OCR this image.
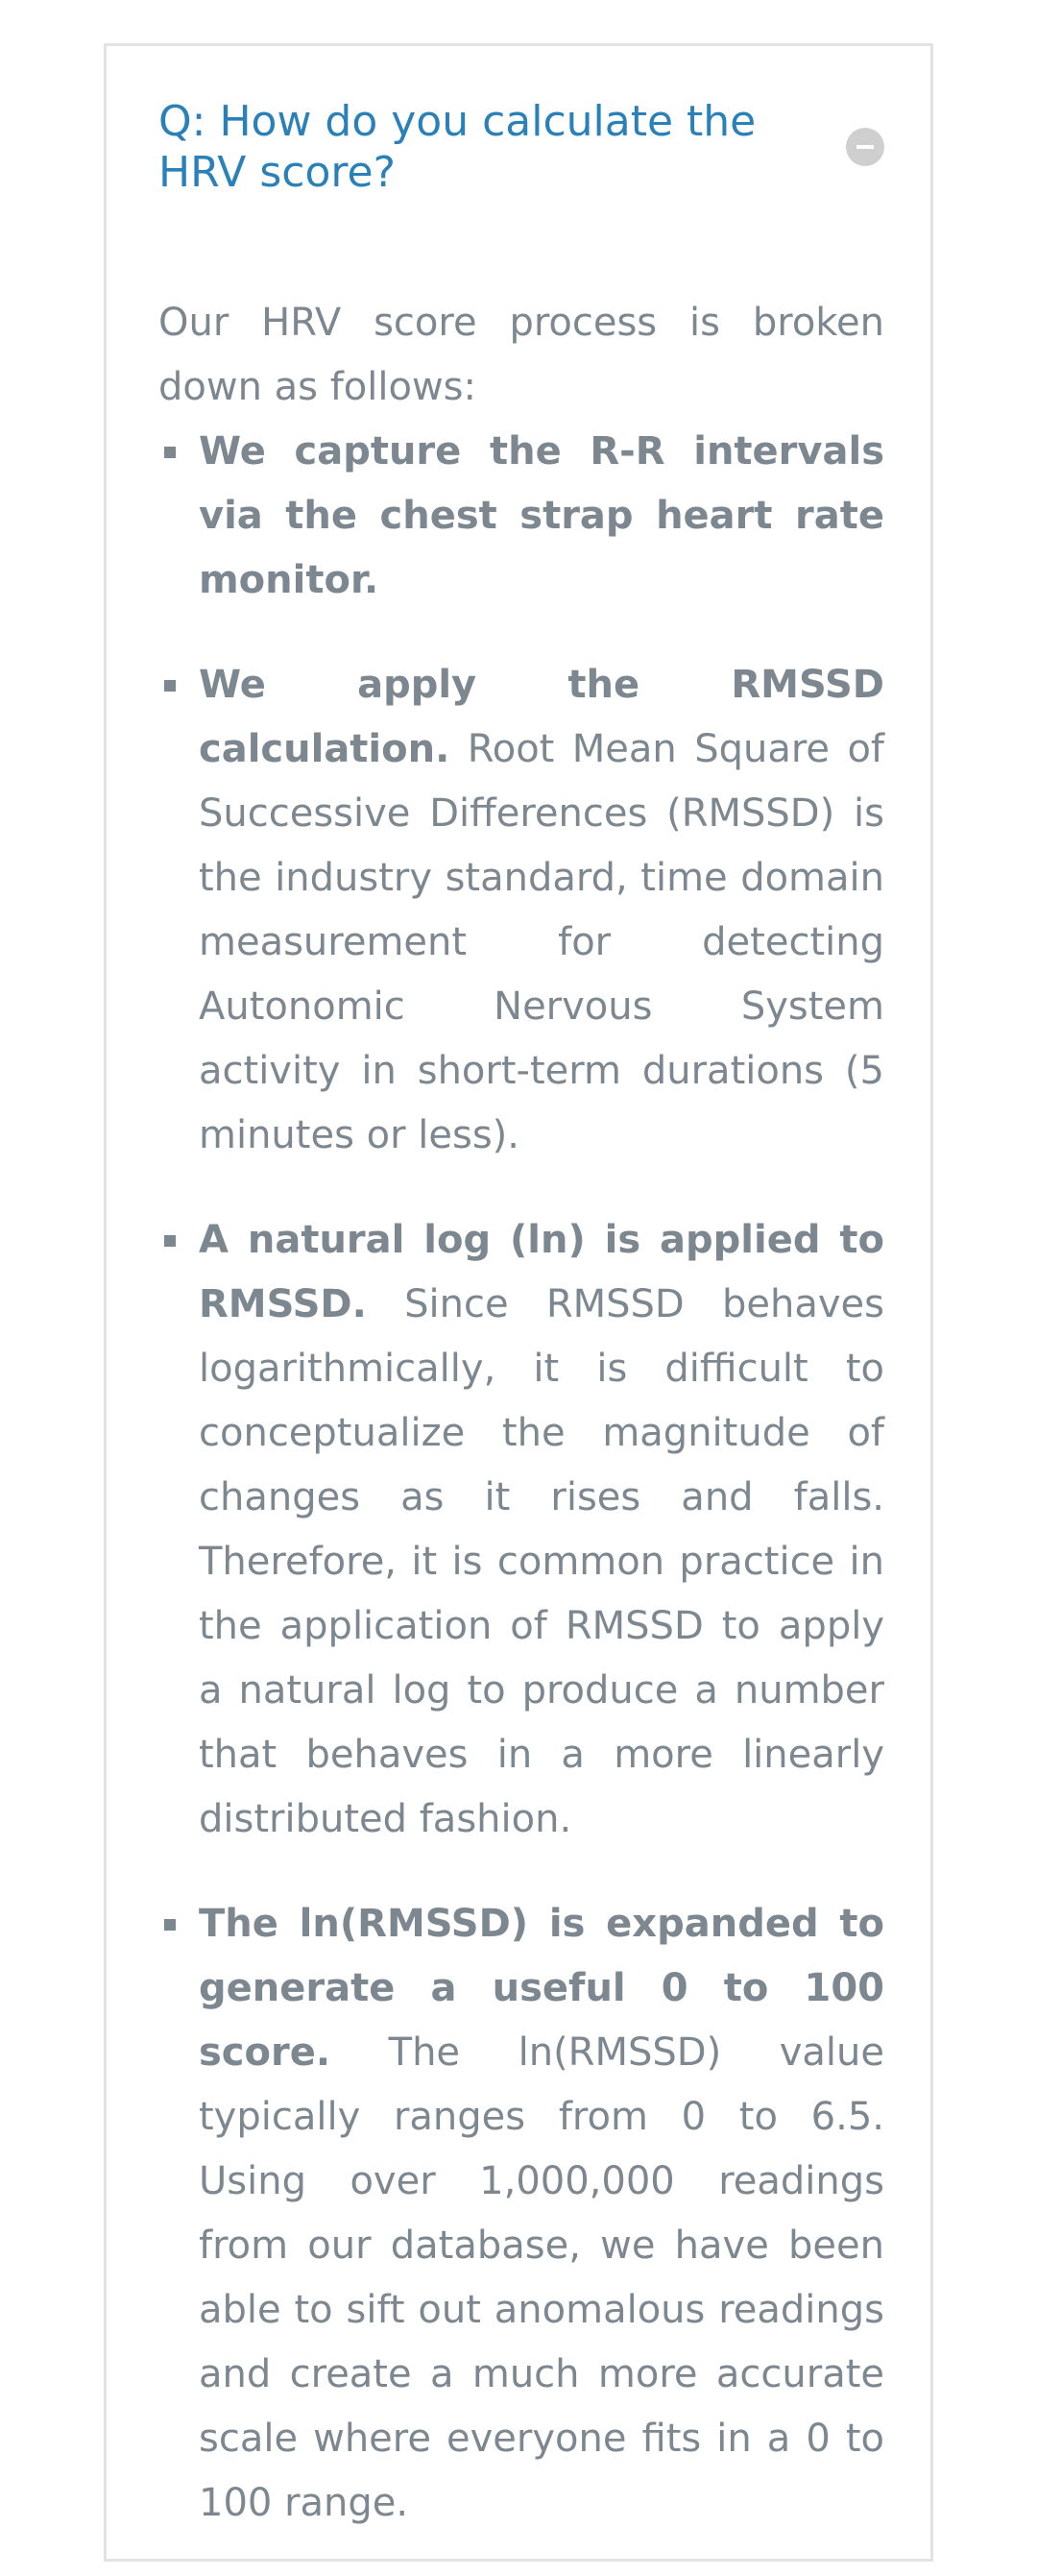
Q: How do you calculate the HRV score?

Our HRV score process is broken down as follows:

We capture the R-R intervals via the chest strap heart rate monitor.
We apply the RMSSD calculation. Root Mean Square of Successive Differences (RMSSD) is the industry standard, time domain measurement for detecting Autonomic Nervous System activity in short-term durations (5 minutes or less).
A natural log (ln) is applied to RMSSD. Since RMSSD behaves logarithmically, it is difficult to conceptualize the magnitude of changes as it rises and falls. Therefore, it is common practice in the application of RMSSD to apply a natural log to produce a number that behaves in a more linearly distributed fashion.
The ln(RMSSD) is expanded to generate a useful 0 to 100 score. The ln(RMSSD) value typically ranges from 0 to 6.5. Using over 1,000,000 readings from our database, we have been able to sift out anomalous readings and create a much more accurate scale where everyone fits in a 0 to 100 range.
